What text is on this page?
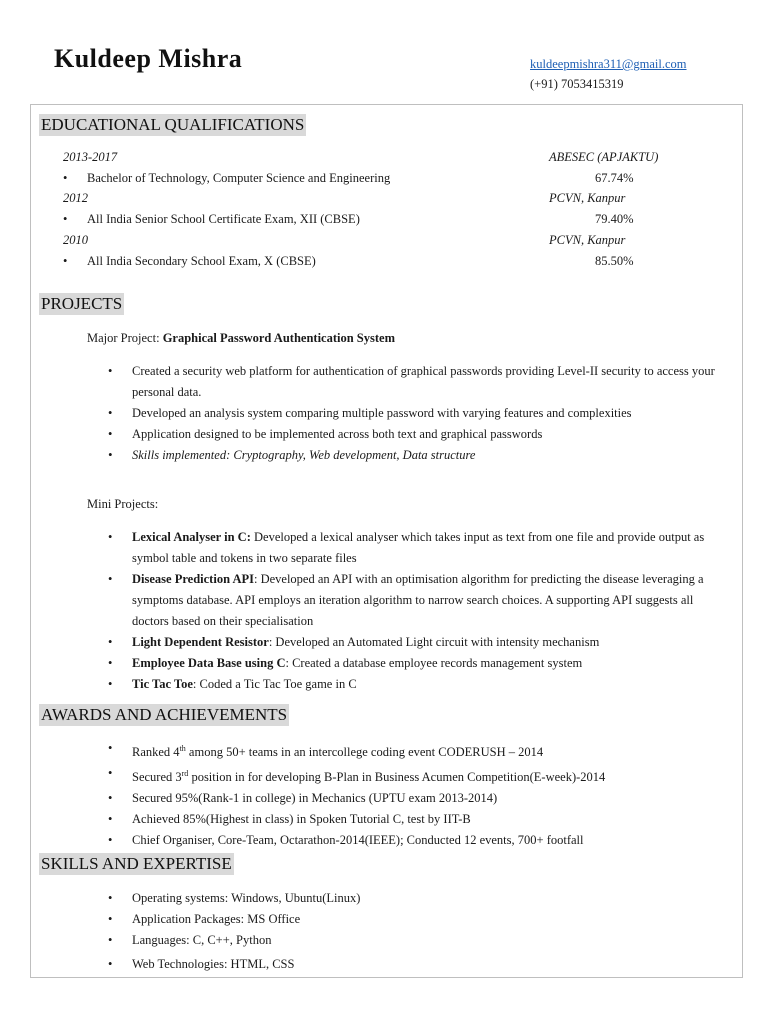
Kuldeep Mishra	kuldeepmishra311@gmail.com
(+91) 7053415319
EDUCATIONAL QUALIFICATIONS
2013-2017	ABESEC (APJAKTU)
• Bachelor of Technology, Computer Science and Engineering	67.74%
2012	PCVN, Kanpur
• All India Senior School Certificate Exam, XII (CBSE)	79.40%
2010	PCVN, Kanpur
• All India Secondary School Exam, X (CBSE)	85.50%
PROJECTS
Major Project: Graphical Password Authentication System
• Created a security web platform for authentication of graphical passwords providing Level-II security to access your personal data.
• Developed an analysis system comparing multiple password with varying features and complexities
• Application designed to be implemented across both text and graphical passwords
• Skills implemented: Cryptography, Web development, Data structure
Mini Projects:
• Lexical Analyser in C: Developed a lexical analyser which takes input as text from one file and provide output as symbol table and tokens in two separate files
• Disease Prediction API: Developed an API with an optimisation algorithm for predicting the disease leveraging a symptoms database. API employs an iteration algorithm to narrow search choices. A supporting API suggests all doctors based on their specialisation
• Light Dependent Resistor: Developed an Automated Light circuit with intensity mechanism
• Employee Data Base using C: Created a database employee records management system
• Tic Tac Toe: Coded a Tic Tac Toe game in C
AWARDS AND ACHIEVEMENTS
• Ranked 4th among 50+ teams in an intercollege coding event CODERUSH – 2014
• Secured 3rd position in for developing B-Plan in Business Acumen Competition(E-week)-2014
• Secured 95%(Rank-1 in college) in Mechanics (UPTU exam 2013-2014)
• Achieved 85%(Highest in class) in Spoken Tutorial C, test by IIT-B
• Chief Organiser, Core-Team, Octarathon-2014(IEEE); Conducted 12 events, 700+ footfall
SKILLS AND EXPERTISE
• Operating systems: Windows, Ubuntu(Linux)
• Application Packages: MS Office
• Languages: C, C++, Python
• Web Technologies: HTML, CSS
